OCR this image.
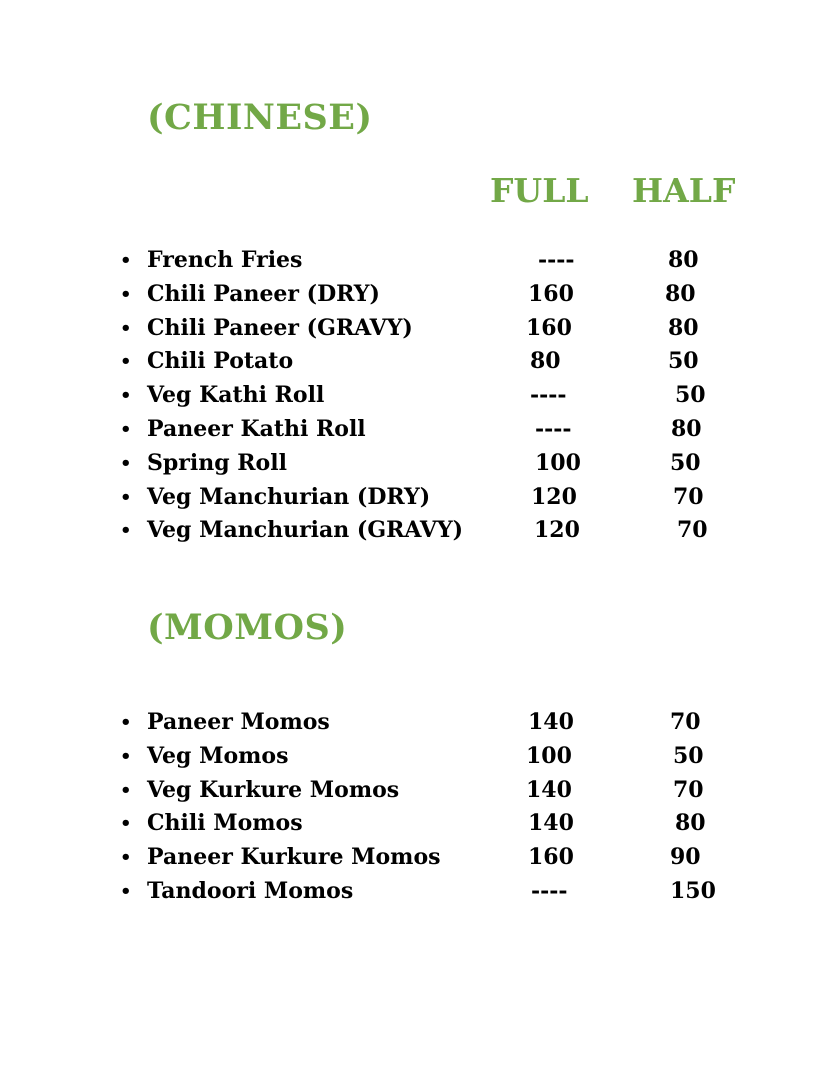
(CHINESE)
FULL HALF
• French Fries	----	80
• Chili Paneer (DRY)	160	80
• Chili Paneer (GRAVY)	160	80
• Chili Potato	80	50
• Veg Kathi Roll	----	50
• Paneer Kathi Roll	----	80
• Spring Roll	100	50
• Veg Manchurian (DRY)	120	70
• Veg Manchurian (GRAVY)	120	70
(MOMOS)
• Paneer Momos	140	70
• Veg Momos	100	50
• Veg Kurkure Momos	140	70
• Chili Momos	140	80
• Paneer Kurkure Momos	160	90
• Tandoori Momos	----	150
